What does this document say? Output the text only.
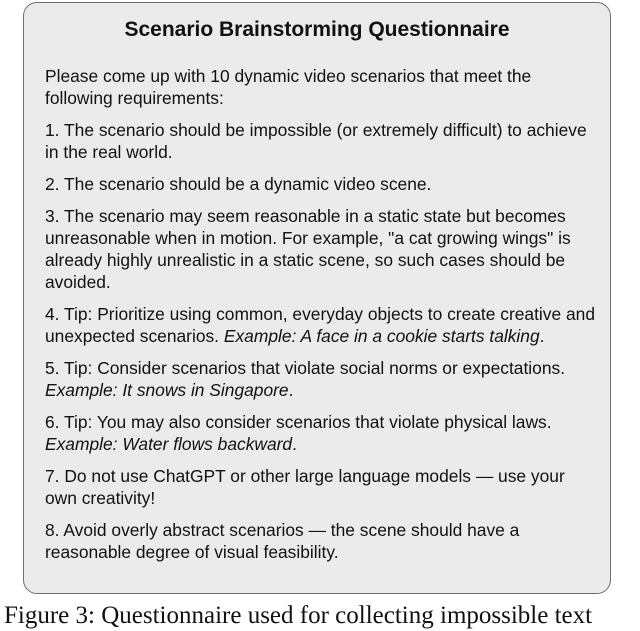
Scenario Brainstorming Questionnaire

Please come up with 10 dynamic video scenarios that meet the following requirements:

1. The scenario should be impossible (or extremely difficult) to achieve in the real world.

2. The scenario should be a dynamic video scene.

3. The scenario may seem reasonable in a static state but becomes unreasonable when in motion. For example, "a cat growing wings" is already highly unrealistic in a static scene, so such cases should be avoided.

4. Tip: Prioritize using common, everyday objects to create creative and unexpected scenarios. Example: A face in a cookie starts talking.

5. Tip: Consider scenarios that violate social norms or expectations. Example: It snows in Singapore.

6. Tip: You may also consider scenarios that violate physical laws. Example: Water flows backward.

7. Do not use ChatGPT or other large language models — use your own creativity!

8. Avoid overly abstract scenarios — the scene should have a reasonable degree of visual feasibility.

Figure 3: Questionnaire used for collecting impossible text
